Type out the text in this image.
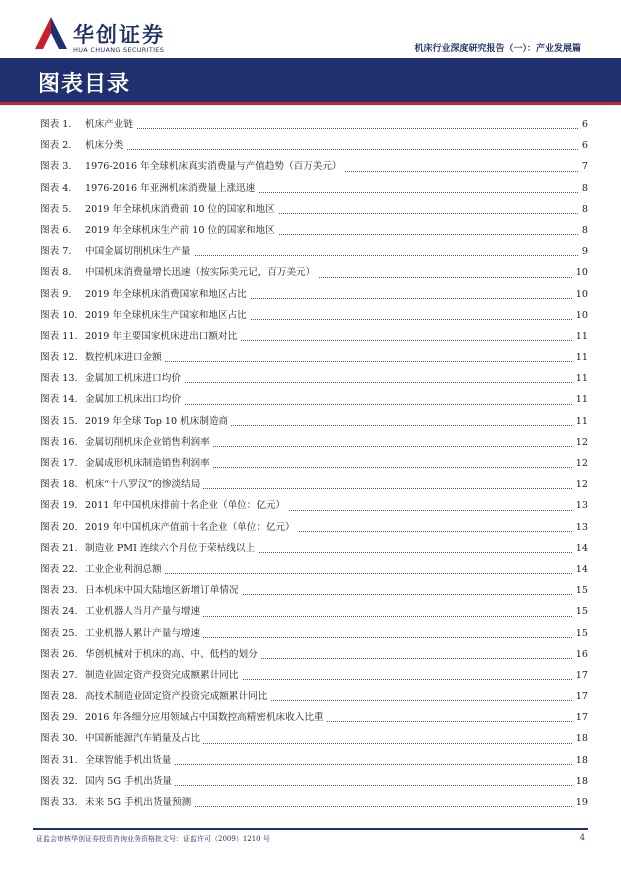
华创证券
HUA CHUANG SECURITIES	机床行业深度研究报告（一）：产业发展篇
图表目录
图表 1. 机床产业链	6
图表 2. 机床分类	6
图表 3. 1976-2016 年全球机床真实消费量与产值趋势（百万美元）	7
图表 4. 1976-2016 年亚洲机床消费量上涨迅速	8
图表 5. 2019 年全球机床消费前 10 位的国家和地区	8
图表 6. 2019 年全球机床生产前 10 位的国家和地区	8
图表 7. 中国金属切削机床生产量	9
图表 8. 中国机床消费量增长迅速（按实际美元记，百万美元）	10
图表 9. 2019 年全球机床消费国家和地区占比	10
图表 10. 2019 年全球机床生产国家和地区占比	10
图表 11. 2019 年主要国家机床进出口额对比	11
图表 12. 数控机床进口金额	11
图表 13. 金属加工机床进口均价	11
图表 14. 金属加工机床出口均价	11
图表 15. 2019 年全球 Top 10 机床制造商	11
图表 16. 金属切削机床企业销售利润率	12
图表 17. 金属成形机床制造销售利润率	12
图表 18. 机床“十八罗汉”的惨淡结局	12
图表 19. 2011 年中国机床排前十名企业（单位：亿元）	13
图表 20. 2019 年中国机床产值前十名企业（单位：亿元）	13
图表 21. 制造业 PMI 连续六个月位于荣枯线以上	14
图表 22. 工业企业利润总额	14
图表 23. 日本机床中国大陆地区新增订单情况	15
图表 24. 工业机器人当月产量与增速	15
图表 25. 工业机器人累计产量与增速	15
图表 26. 华创机械对于机床的高、中、低档的划分	16
图表 27. 制造业固定资产投资完成额累计同比	17
图表 28. 高技术制造业固定资产投资完成额累计同比	17
图表 29. 2016 年各细分应用领域占中国数控高精密机床收入比重	17
图表 30. 中国新能源汽车销量及占比	18
图表 31. 全球智能手机出货量	18
图表 32. 国内 5G 手机出货量	18
图表 33. 未来 5G 手机出货量预测	19
证监会审核华创证券投资咨询业务资格批文号：证监许可（2009）1210 号	4
